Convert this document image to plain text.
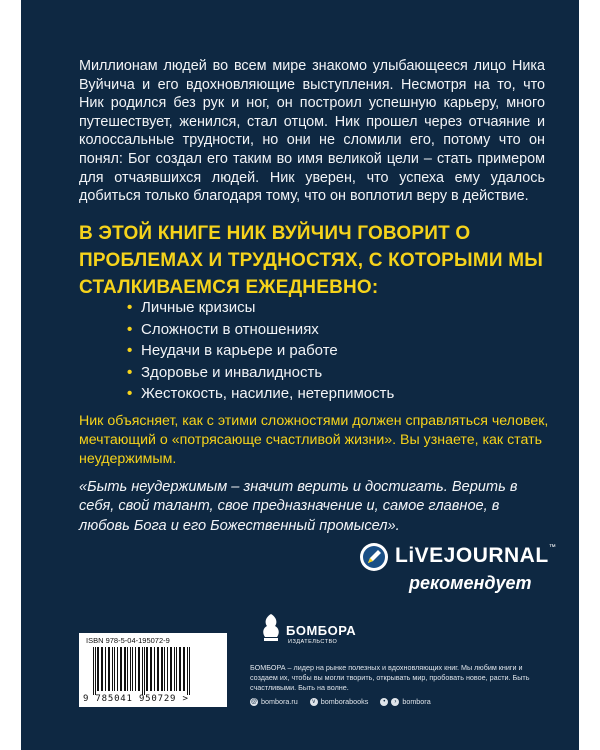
Миллионам людей во всем мире знакомо улыбающееся лицо Ника Вуйчича и его вдохновляющие выступления. Несмотря на то, что Ник родился без рук и ног, он построил успешную карьеру, много путешествует, женился, стал отцом. Ник прошел через отчаяние и колоссальные трудности, но они не сломили его, потому что он понял: Бог создал его таким во имя великой цели – стать примером для отчаявшихся людей. Ник уверен, что успеха ему удалось добиться только благодаря тому, что он воплотил веру в действие.

В ЭТОЙ КНИГЕ НИК ВУЙЧИЧ ГОВОРИТ О ПРОБЛЕМАХ И ТРУДНОСТЯХ, С КОТОРЫМИ МЫ СТАЛКИВАЕМСЯ ЕЖЕДНЕВНО:
• Личные кризисы
• Сложности в отношениях
• Неудачи в карьере и работе
• Здоровье и инвалидность
• Жестокость, насилие, нетерпимость

Ник объясняет, как с этими сложностями должен справляться человек, мечтающий о «потрясающе счастливой жизни». Вы узнаете, как стать неудержимым.

«Быть неудержимым – значит верить и достигать. Верить в себя, свой талант, свое предназначение и, самое главное, в любовь Бога и его Божественный промысел».

LiVEJOURNAL™
рекомендует
ISBN 978-5-04-195072-9
9 785041 950729 >
БОМБОРА
ИЗДАТЕЛЬСТВО

БОМБОРА – лидер на рынке полезных и вдохновляющих книг. Мы любим книги и создаем их, чтобы вы могли творить, открывать мир, пробовать новое, расти. Быть счастливыми. Быть на волне.

@ bombora.ru	v bomborabooks	•	› bombora
